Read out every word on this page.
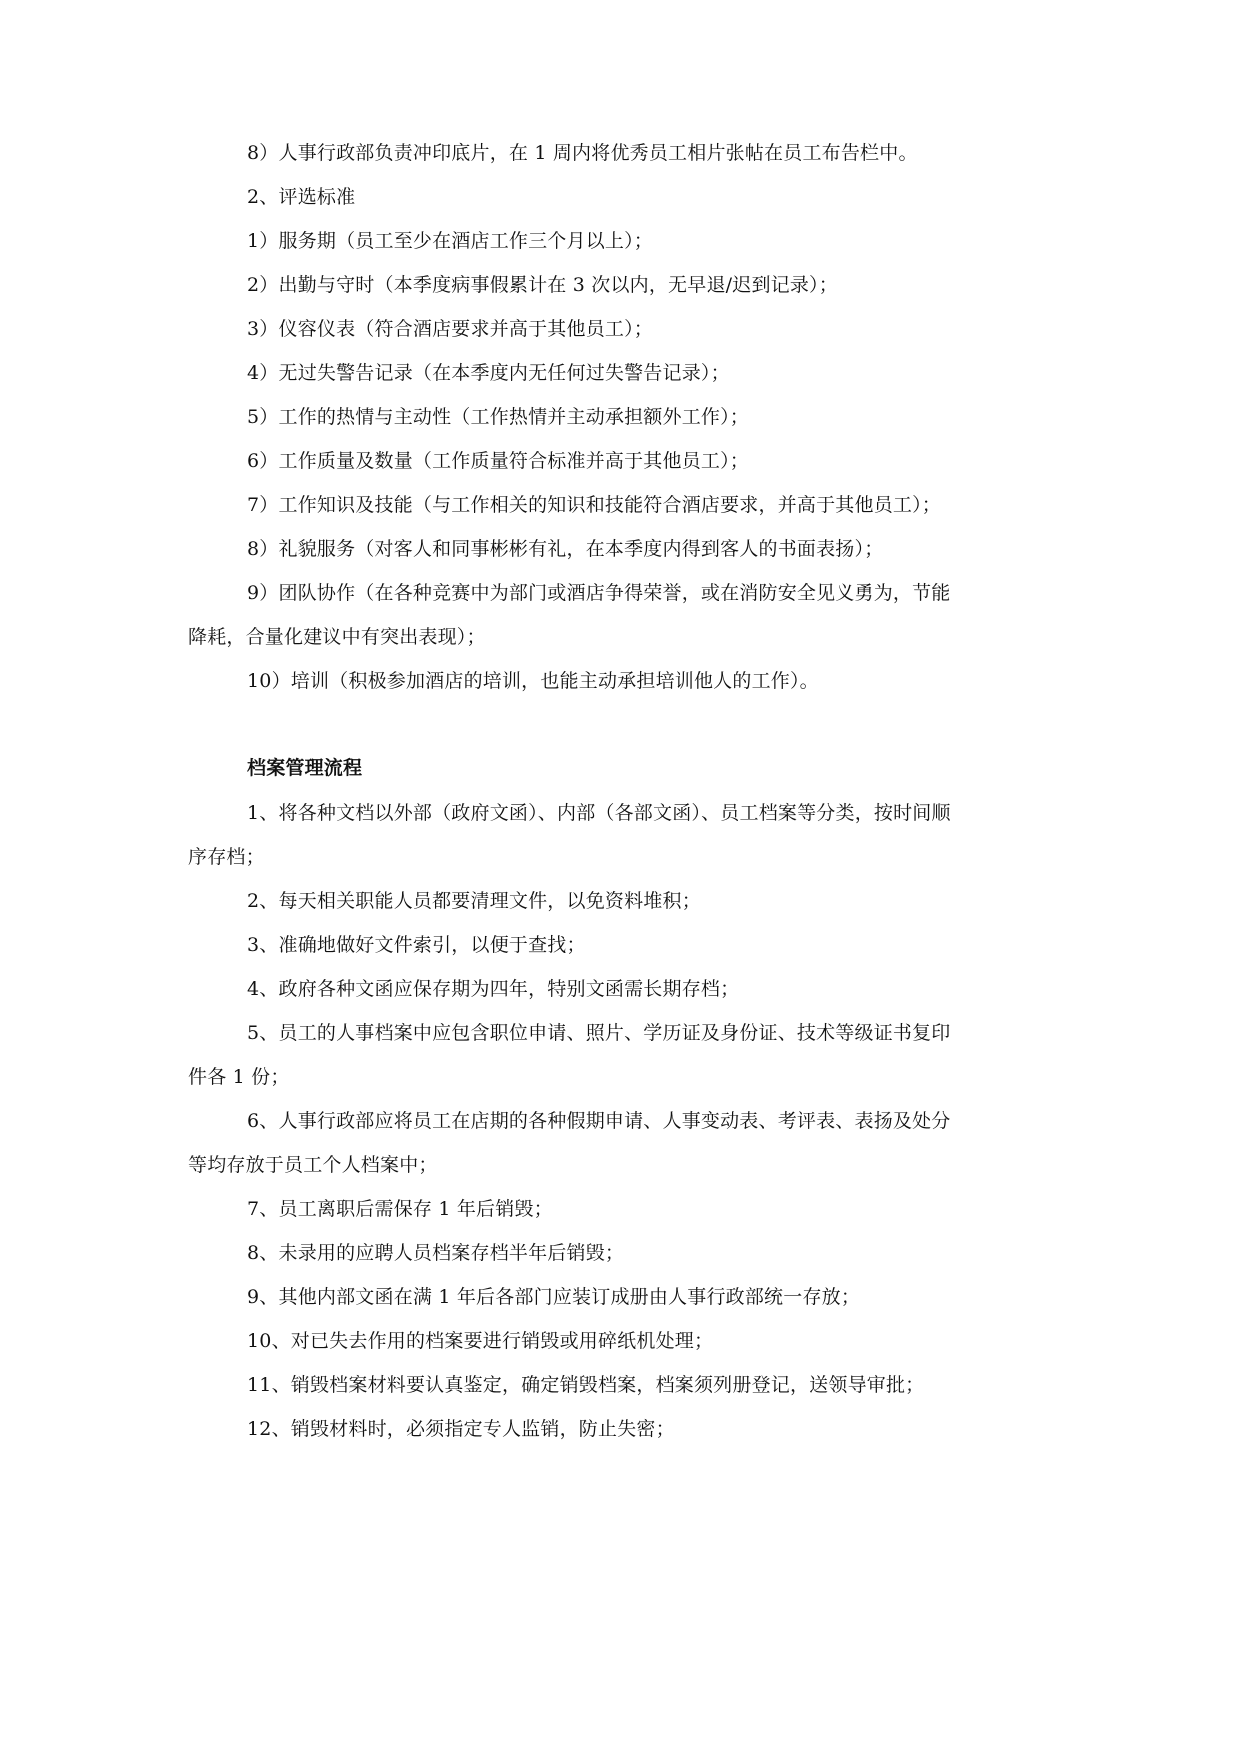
8）人事行政部负责冲印底片，在 1 周内将优秀员工相片张帖在员工布告栏中。
2、评选标准
1）服务期（员工至少在酒店工作三个月以上）；
2）出勤与守时（本季度病事假累计在 3 次以内，无早退/迟到记录）；
3）仪容仪表（符合酒店要求并高于其他员工）；
4）无过失警告记录（在本季度内无任何过失警告记录）；
5）工作的热情与主动性（工作热情并主动承担额外工作）；
6）工作质量及数量（工作质量符合标准并高于其他员工）；
7）工作知识及技能（与工作相关的知识和技能符合酒店要求，并高于其他员工）；
8）礼貌服务（对客人和同事彬彬有礼，在本季度内得到客人的书面表扬）；
9）团队协作（在各种竞赛中为部门或酒店争得荣誉，或在消防安全见义勇为，节能
降耗，合量化建议中有突出表现）；
10）培训（积极参加酒店的培训，也能主动承担培训他人的工作）。
档案管理流程
1、将各种文档以外部（政府文函）、内部（各部文函）、员工档案等分类，按时间顺
序存档；
2、每天相关职能人员都要清理文件，以免资料堆积；
3、准确地做好文件索引，以便于查找；
4、政府各种文函应保存期为四年，特别文函需长期存档；
5、员工的人事档案中应包含职位申请、照片、学历证及身份证、技术等级证书复印
件各 1 份；
6、人事行政部应将员工在店期的各种假期申请、人事变动表、考评表、表扬及处分
等均存放于员工个人档案中；
7、员工离职后需保存 1 年后销毁；
8、未录用的应聘人员档案存档半年后销毁；
9、其他内部文函在满 1 年后各部门应装订成册由人事行政部统一存放；
10、对已失去作用的档案要进行销毁或用碎纸机处理；
11、销毁档案材料要认真鉴定，确定销毁档案，档案须列册登记，送领导审批；
12、销毁材料时，必须指定专人监销，防止失密；
